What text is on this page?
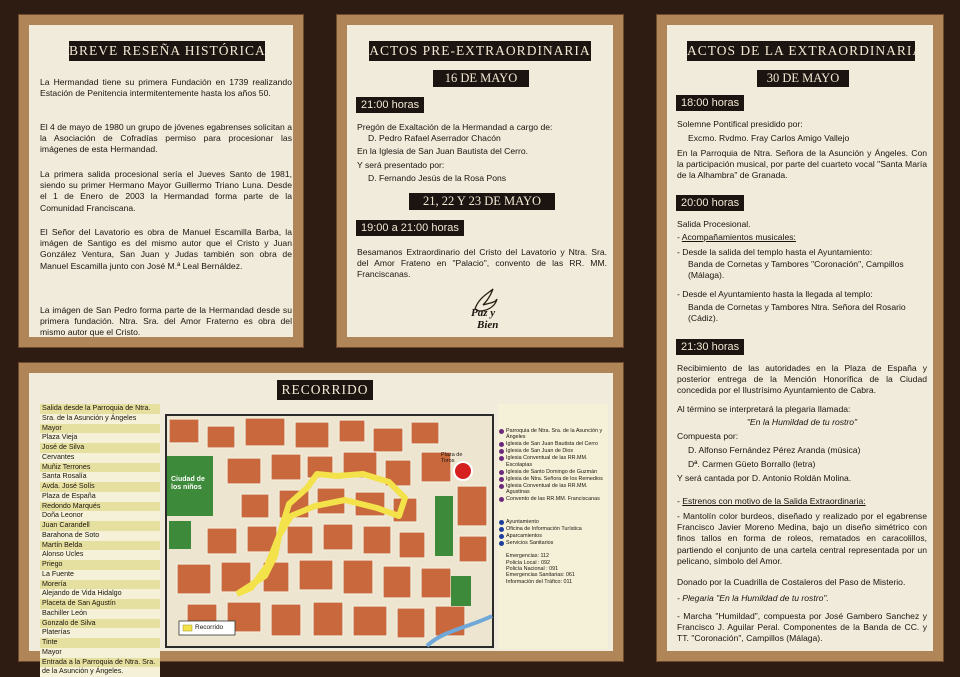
BREVE RESEÑA HISTÓRICA

La Hermandad tiene su primera Fundación en 1739 realizando Estación de Penitencia intermitentemente hasta los años 50.

El 4 de mayo de 1980 un grupo de jóvenes egabrenses solicitan a la Asociación de Cofradías permiso para procesionar las imágenes de esta Hermandad.

La primera salida procesional sería el Jueves Santo de 1981, siendo su primer Hermano Mayor Guillermo Triano Luna. Desde el 1 de Enero de 2003 la Hermandad forma parte de la Comunidad Franciscana.

El Señor del Lavatorio es obra de Manuel Escamilla Barba, la imágen de Santigo es del mismo autor que el Cristo y Juan González Ventura, San Juan y Judas también son obra de Manuel Escamilla junto con José M.ª Leal Bernáldez.

La imágen de San Pedro forma parte de la Hermandad desde su primera fundación. Ntra. Sra. del Amor Fraterno es obra del mismo autor que el Cristo.

ACTOS PRE-EXTRAORDINARIA
16 DE MAYO
21:00 horas

Pregón de Exaltación de la Hermandad a cargo de:

D. Pedro Rafael Aserrador Chacón

En la Iglesia de San Juan Bautista del Cerro.

Y será presentado por:

D. Fernando Jesús de la Rosa Pons

21, 22 Y 23 DE MAYO
19:00 a 21:00 horas

Besamanos Extraordinario del Cristo del Lavatorio y Ntra. Sra. del Amor Frateno en "Palacio", convento de las RR. MM. Franciscanas.

Paz y
Bien
ACTOS DE LA EXTRAORDINARIA
30 DE MAYO
18:00 horas

Solemne Pontifical presidido por:

Excmo. Rvdmo. Fray Carlos Amigo Vallejo

En la Parroquia de Ntra. Señora de la Asunción y Ángeles. Con la participación musical, por parte del cuarteto vocal "Santa María de la Alhambra" de Granada.

20:00 horas

Salida Procesional.

- Acompañamientos musicales:

- Desde la salida del templo hasta el Ayuntamiento:

Banda de Cornetas y Tambores "Coronación", Campillos (Málaga).

- Desde el Ayuntamiento hasta la llegada al templo:

Banda de Cornetas y Tambores Ntra. Señora del Rosario (Cádiz).

21:30 horas

Recibimiento de las autoridades en la Plaza de España y posterior entrega de la Mención Honorífica de la Ciudad concedida por el Ilustrísimo Ayuntamiento de Cabra.

Al término se interpretará la plegaria llamada:

"En la Humildad de tu rostro"

Compuesta por:

D. Alfonso Fernández Pérez Aranda (música)

Dª. Carmen Güeto Borrallo (letra)

Y será cantada por D. Antonio Roldán Molina.

- Estrenos con motivo de la Salida Extraordinaria:

- Mantolín color burdeos, diseñado y realizado por el egabrense Francisco Javier Moreno Medina, bajo un diseño simétrico con finos tallos en forma de roleos, rematados en caracolillos, partiendo el conjunto de una cartela central representada por un pelicano, símbolo del Amor.

Donado por la Cuadrilla de Costaleros del Paso de Misterio.

- Plegaria "En la Humildad de tu rostro".

- Marcha "Humildad", compuesta por José Gambero Sanchez y Francisco J. Aguilar Peral. Componentes de la Banda de CC. y TT. "Coronación", Campillos (Málaga).

RECORRIDO
Salida desde la Parroquia de Ntra.
Sra. de la Asunción y Ángeles
Mayor
Plaza Vieja
José de Silva
Cervantes
Muñiz Terrones
Santa Rosalía
Avda. José Solís
Plaza de España
Redondo Marqués
Doña Leonor
Juan Carandell
Barahona de Soto
Martín Belda
Alonso Ucles
Priego
La Fuente
Morería
Alejando de Vida Hidalgo
Placeta de San Agustín
Bachiller León
Gonzalo de Silva
Platerías
Tinte
Mayor
Entrada a la Parroquia de Ntra. Sra.
de la Asunción y Ángeles.
Ciudad de los niños
Plaza de Toros
Recorrido
Parroquia de Ntra. Sra. de la Asunción y Ángeles
Iglesia de San Juan Bautista del Cerro
Iglesia de San Juan de Dios
Iglesia Conventual de las RR.MM. Escolapias
Iglesia de Santo Domingo de Guzmán
Iglesia de Ntra. Señora de los Remedios
Iglesia Conventual de las RR.MM. Agustinas
Convento de las RR.MM. Franciscanas
Ayuntamiento
Oficina de Información Turística
Aparcamientos
Servicios Sanitarios
Emergencias: 112
Policía Local : 092
Policía Nacional : 091
Emergencias Sanitarias: 061
Información del Tráfico: 011
